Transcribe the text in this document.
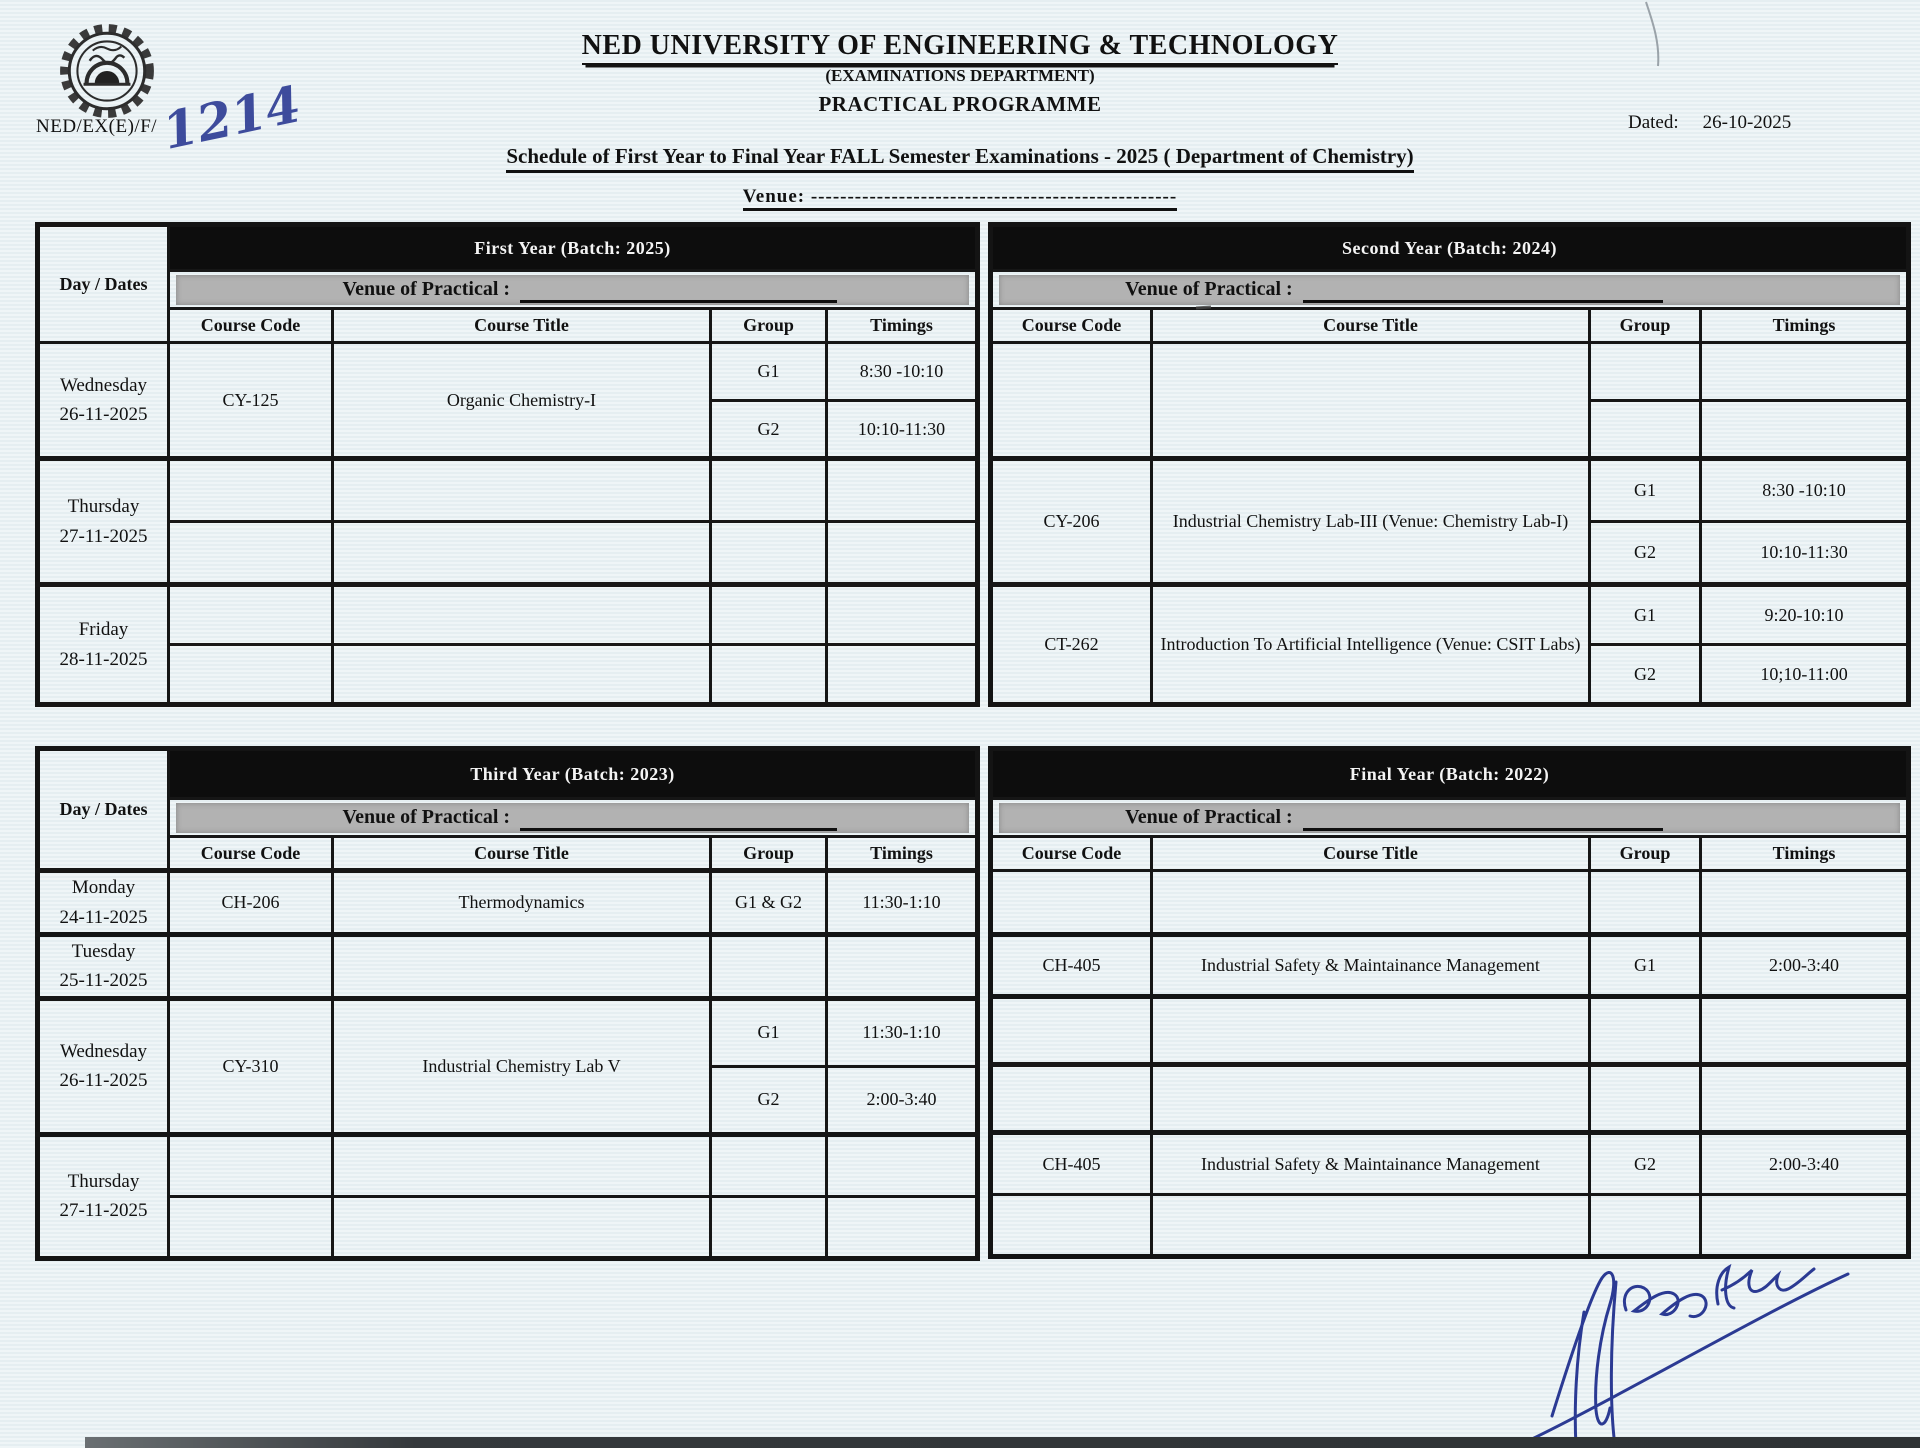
NED/EX(E)/F/ 1214
NED UNIVERSITY OF ENGINEERING & TECHNOLOGY
(EXAMINATIONS DEPARTMENT)
PRACTICAL PROGRAMME
Dated: 26-10-2025
Schedule of First Year to Final Year FALL Semester Examinations - 2025 ( Department of Chemistry)
Venue: --------------------------------------------------
Day / Dates	First Year (Batch: 2025)			

	Venue of Practical :			

	Course Code	Course Title	Group	Timings

Wednesday
26-11-2025	CY-125	Organic Chemistry-I	G1	8:30 -10:10
			G2	10:10-11:30

Thursday
27-11-2025				

Friday
28-11-2025				

Second Year (Batch: 2024)			

Venue of Practical :			

Course Code	Course Title	Group	Timings

CY-206	Industrial Chemistry Lab-III (Venue: Chemistry Lab-I)	G1	8:30 -10:10
		G2	10:10-11:30
CT-262	Introduction To Artificial Intelligence (Venue: CSIT Labs)	G1	9:20-10:10
		G2	10;10-11:00
Day / Dates	Third Year (Batch: 2023)			

	Venue of Practical :			

	Course Code	Course Title	Group	Timings

Monday
24-11-2025	CH-206	Thermodynamics	G1 & G2	11:30-1:10

Tuesday
25-11-2025				

Wednesday
26-11-2025	CY-310	Industrial Chemistry Lab V	G1	11:30-1:10
			G2	2:00-3:40

Thursday
27-11-2025				

Final Year (Batch: 2022)			

Venue of Practical :			

Course Code	Course Title	Group	Timings

CH-405	Industrial Safety & Maintainance Management	G1	2:00-3:40

CH-405	Industrial Safety & Maintainance Management	G2	2:00-3:40
